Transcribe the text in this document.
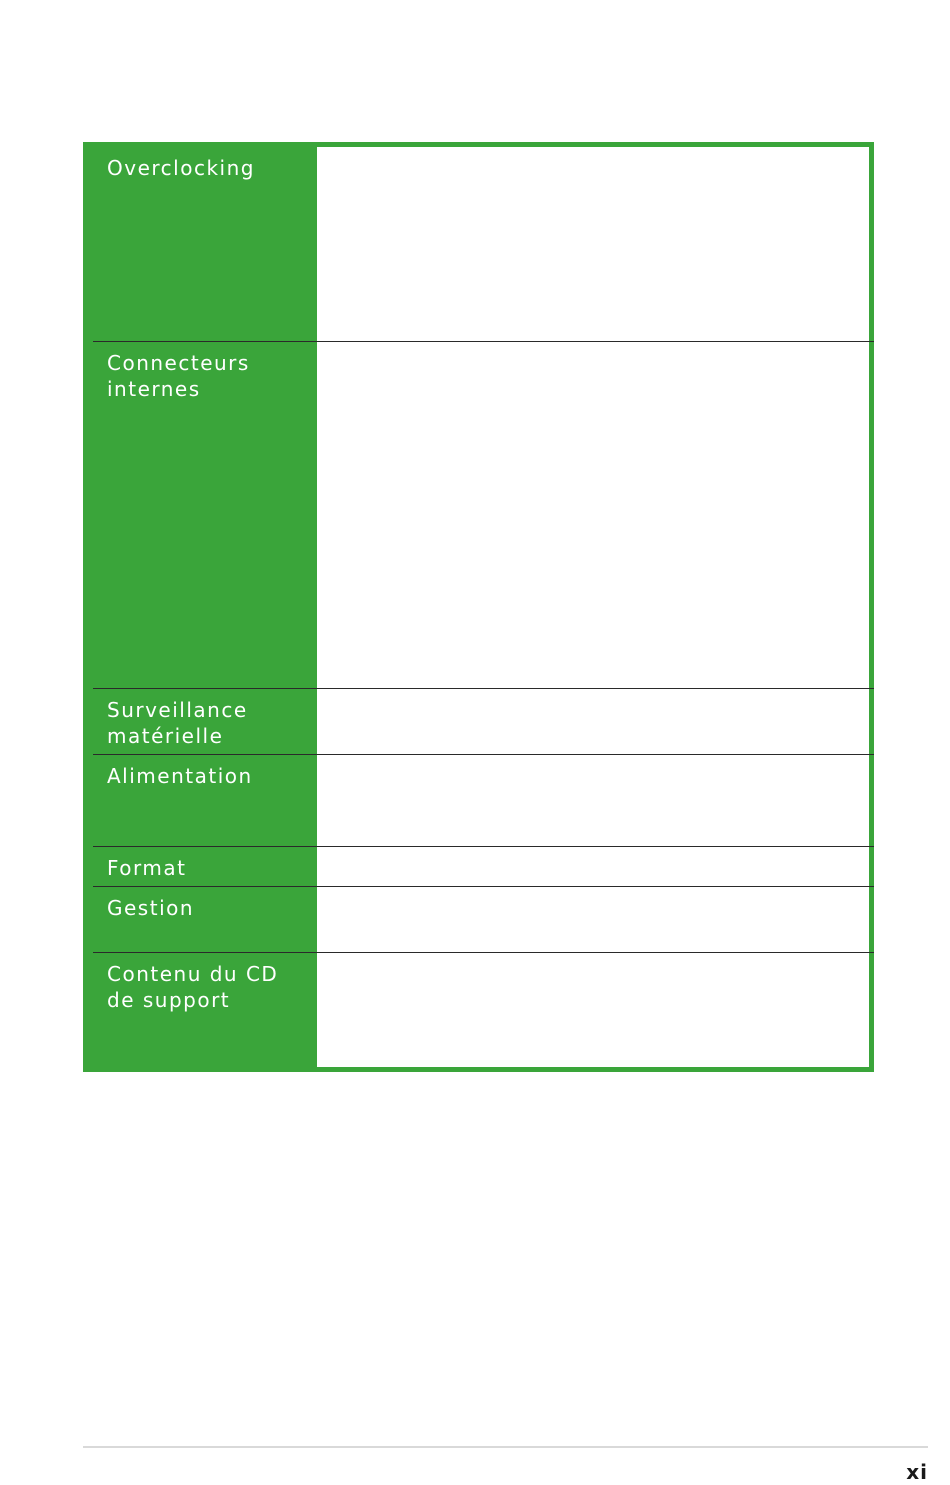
Overclocking
Connecteurs
internes
Surveillance
matérielle
Alimentation
Format
Gestion
Contenu du CD
de support
xi
